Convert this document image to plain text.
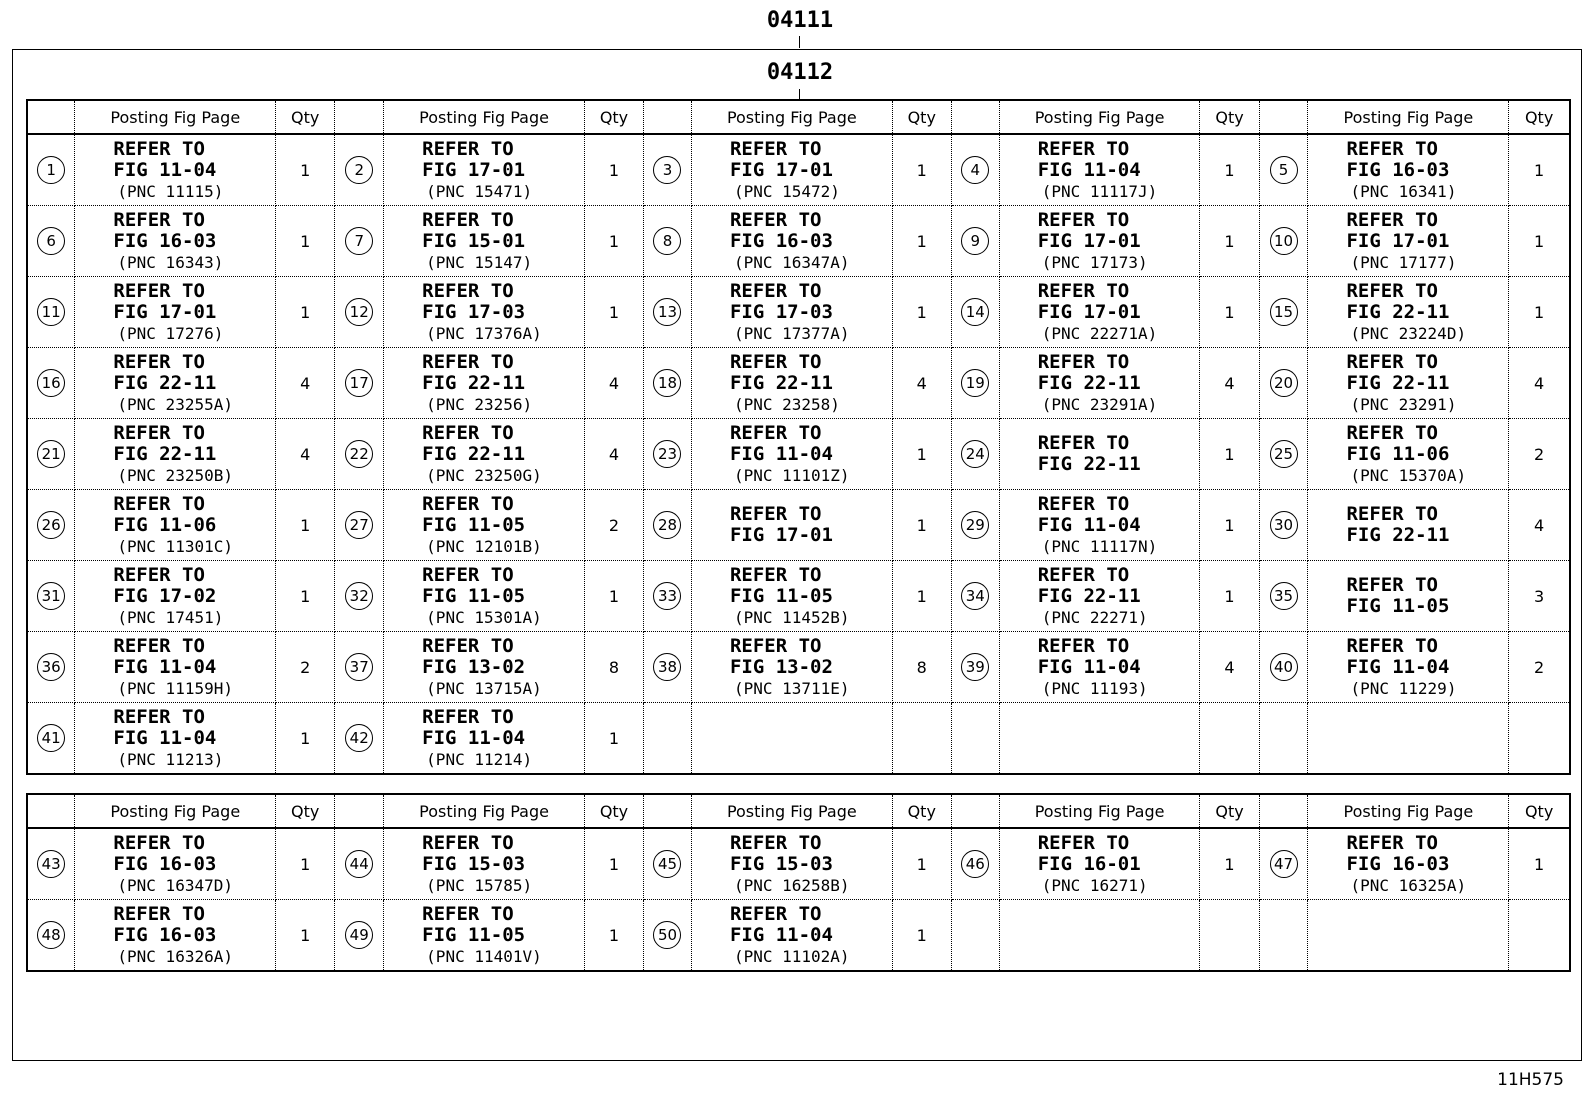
04111
04112
	Posting Fig Page	Qty		Posting Fig Page	Qty		Posting Fig Page	Qty		Posting Fig Page	Qty		Posting Fig Page	Qty
1	REFER TO
FIG 11-04
(PNC 11115)	1	2	REFER TO
FIG 17-01
(PNC 15471)	1	3	REFER TO
FIG 17-01
(PNC 15472)	1	4	REFER TO
FIG 11-04
(PNC 11117J)	1	5	REFER TO
FIG 16-03
(PNC 16341)	1
6	REFER TO
FIG 16-03
(PNC 16343)	1	7	REFER TO
FIG 15-01
(PNC 15147)	1	8	REFER TO
FIG 16-03
(PNC 16347A)	1	9	REFER TO
FIG 17-01
(PNC 17173)	1	10	REFER TO
FIG 17-01
(PNC 17177)	1
11	REFER TO
FIG 17-01
(PNC 17276)	1	12	REFER TO
FIG 17-03
(PNC 17376A)	1	13	REFER TO
FIG 17-03
(PNC 17377A)	1	14	REFER TO
FIG 17-01
(PNC 22271A)	1	15	REFER TO
FIG 22-11
(PNC 23224D)	1
16	REFER TO
FIG 22-11
(PNC 23255A)	4	17	REFER TO
FIG 22-11
(PNC 23256)	4	18	REFER TO
FIG 22-11
(PNC 23258)	4	19	REFER TO
FIG 22-11
(PNC 23291A)	4	20	REFER TO
FIG 22-11
(PNC 23291)	4
21	REFER TO
FIG 22-11
(PNC 23250B)	4	22	REFER TO
FIG 22-11
(PNC 23250G)	4	23	REFER TO
FIG 11-04
(PNC 11101Z)	1	24	REFER TO
FIG 22-11	1	25	REFER TO
FIG 11-06
(PNC 15370A)	2
26	REFER TO
FIG 11-06
(PNC 11301C)	1	27	REFER TO
FIG 11-05
(PNC 12101B)	2	28	REFER TO
FIG 17-01	1	29	REFER TO
FIG 11-04
(PNC 11117N)	1	30	REFER TO
FIG 22-11	4
31	REFER TO
FIG 17-02
(PNC 17451)	1	32	REFER TO
FIG 11-05
(PNC 15301A)	1	33	REFER TO
FIG 11-05
(PNC 11452B)	1	34	REFER TO
FIG 22-11
(PNC 22271)	1	35	REFER TO
FIG 11-05	3
36	REFER TO
FIG 11-04
(PNC 11159H)	2	37	REFER TO
FIG 13-02
(PNC 13715A)	8	38	REFER TO
FIG 13-02
(PNC 13711E)	8	39	REFER TO
FIG 11-04
(PNC 11193)	4	40	REFER TO
FIG 11-04
(PNC 11229)	2
41	REFER TO
FIG 11-04
(PNC 11213)	1	42	REFER TO
FIG 11-04
(PNC 11214)	1									
	Posting Fig Page	Qty		Posting Fig Page	Qty		Posting Fig Page	Qty		Posting Fig Page	Qty		Posting Fig Page	Qty
43	REFER TO
FIG 16-03
(PNC 16347D)	1	44	REFER TO
FIG 15-03
(PNC 15785)	1	45	REFER TO
FIG 15-03
(PNC 16258B)	1	46	REFER TO
FIG 16-01
(PNC 16271)	1	47	REFER TO
FIG 16-03
(PNC 16325A)	1
48	REFER TO
FIG 16-03
(PNC 16326A)	1	49	REFER TO
FIG 11-05
(PNC 11401V)	1	50	REFER TO
FIG 11-04
(PNC 11102A)	1						
11H575
